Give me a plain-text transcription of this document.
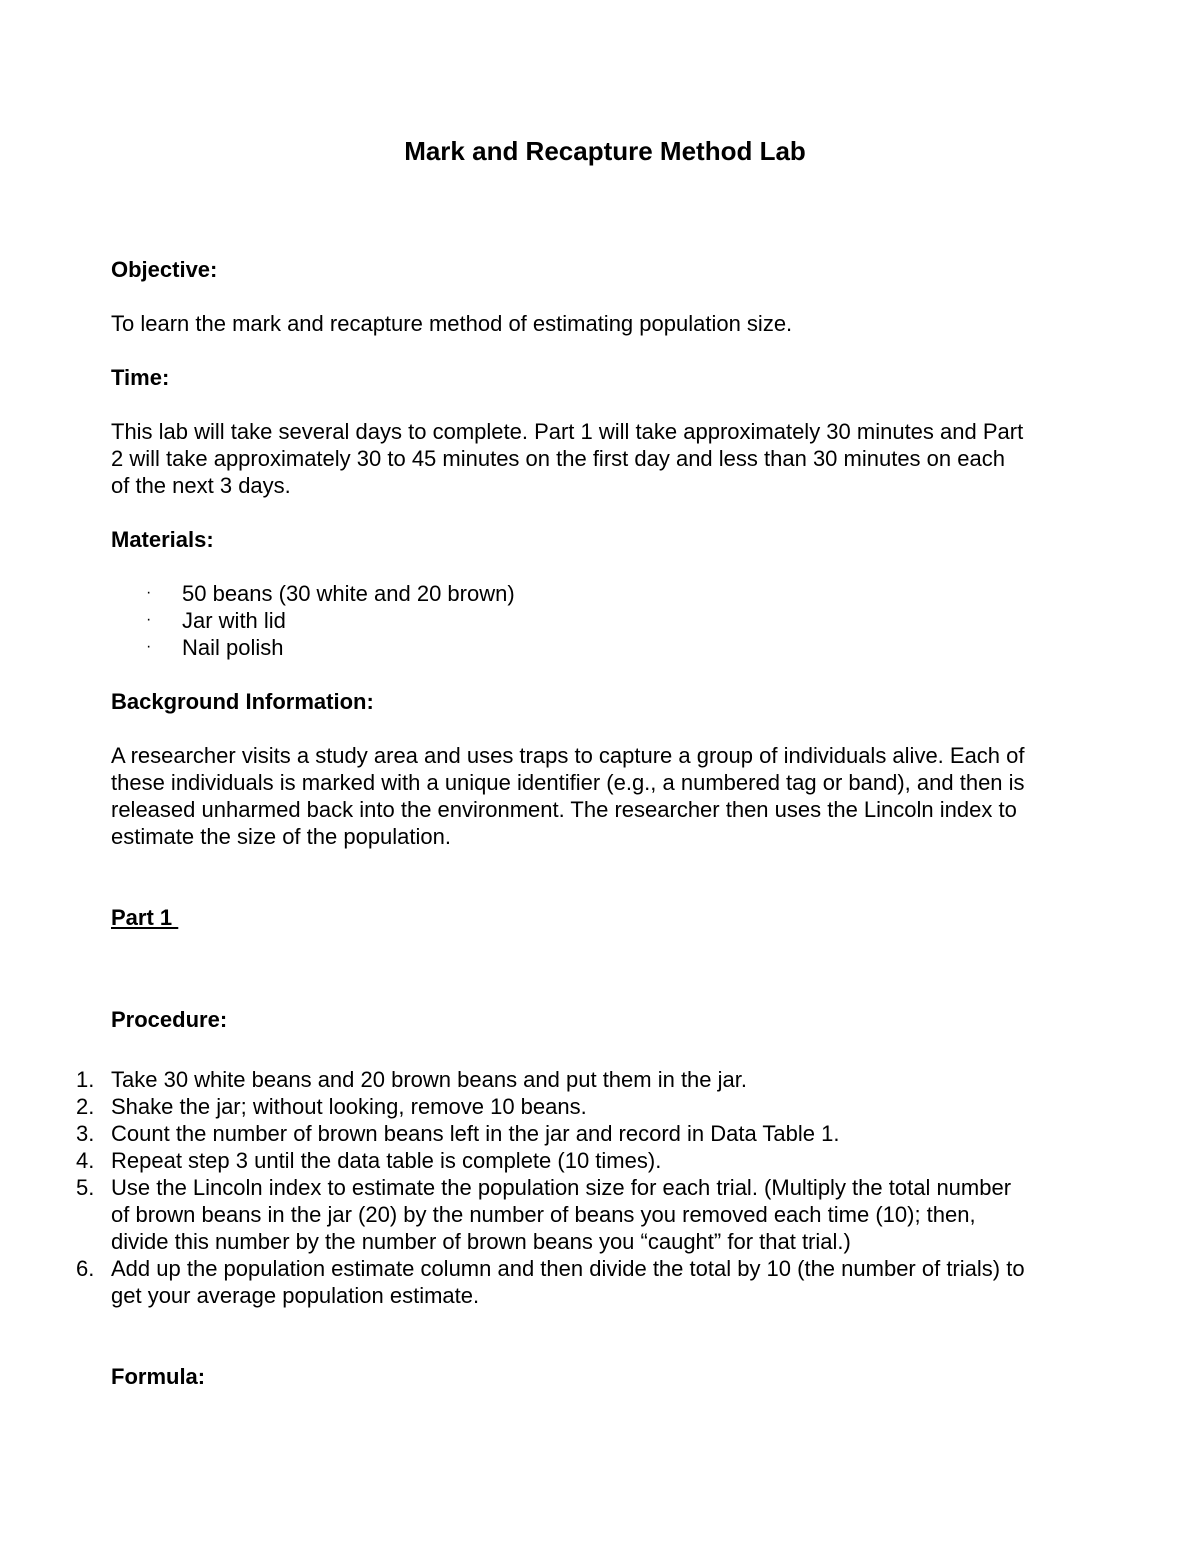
Mark and Recapture Method Lab
Objective:
To learn the mark and recapture method of estimating population size.
Time:
This lab will take several days to complete. Part 1 will take approximately 30 minutes and Part
2 will take approximately 30 to 45 minutes on the first day and less than 30 minutes on each
of the next 3 days.
Materials:
· 50 beans (30 white and 20 brown)
· Jar with lid
· Nail polish
Background Information:
A researcher visits a study area and uses traps to capture a group of individuals alive. Each of
these individuals is marked with a unique identifier (e.g., a numbered tag or band), and then is
released unharmed back into the environment. The researcher then uses the Lincoln index to
estimate the size of the population.
Part 1
Procedure:
1. Take 30 white beans and 20 brown beans and put them in the jar.
2. Shake the jar; without looking, remove 10 beans.
3. Count the number of brown beans left in the jar and record in Data Table 1.
4. Repeat step 3 until the data table is complete (10 times).
5. Use the Lincoln index to estimate the population size for each trial. (Multiply the total number
of brown beans in the jar (20) by the number of beans you removed each time (10); then,
divide this number by the number of brown beans you “caught” for that trial.)
6. Add up the population estimate column and then divide the total by 10 (the number of trials) to
get your average population estimate.
Formula:
